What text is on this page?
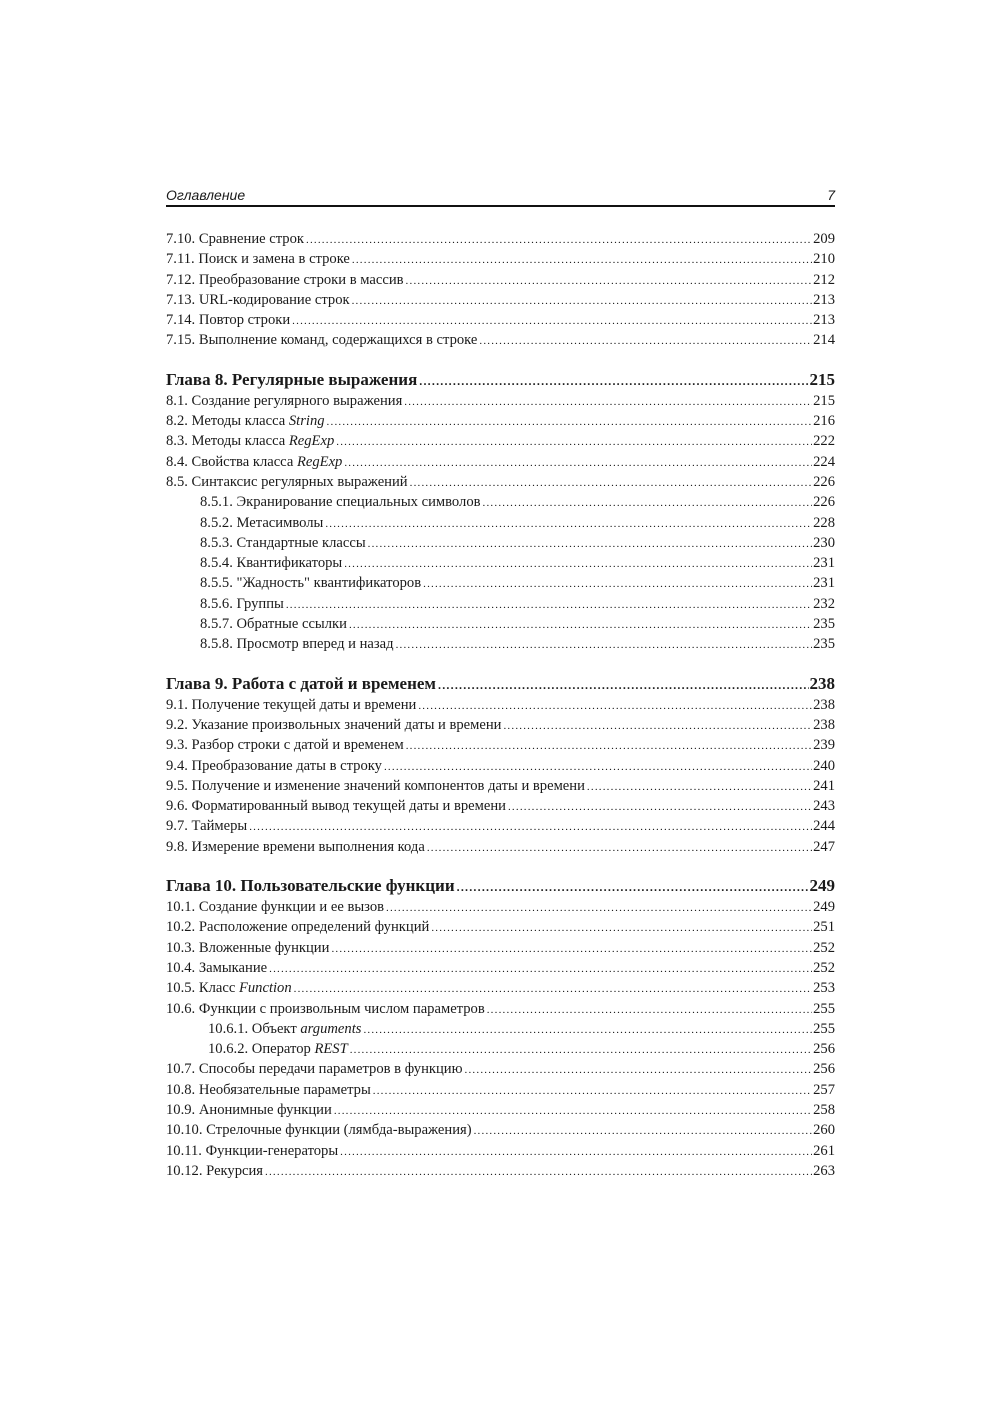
Оглавление	7
7.10. Сравнение строк .....	209
7.11. Поиск и замена в строке .....	210
7.12. Преобразование строки в массив .....	212
7.13. URL-кодирование строк .....	213
7.14. Повтор строки .....	213
7.15. Выполнение команд, содержащихся в строке .....	214
Глава 8. Регулярные выражения .....	215
8.1. Создание регулярного выражения .....	215
8.2. Методы класса String .....	216
8.3. Методы класса RegExp .....	222
8.4. Свойства класса RegExp .....	224
8.5. Синтаксис регулярных выражений .....	226
8.5.1. Экранирование специальных символов .....	226
8.5.2. Метасимволы .....	228
8.5.3. Стандартные классы .....	230
8.5.4. Квантификаторы .....	231
8.5.5. "Жадность" квантификаторов .....	231
8.5.6. Группы .....	232
8.5.7. Обратные ссылки .....	235
8.5.8. Просмотр вперед и назад .....	235
Глава 9. Работа с датой и временем .....	238
9.1. Получение текущей даты и времени .....	238
9.2. Указание произвольных значений даты и времени .....	238
9.3. Разбор строки с датой и временем .....	239
9.4. Преобразование даты в строку .....	240
9.5. Получение и изменение значений компонентов даты и времени .....	241
9.6. Форматированный вывод текущей даты и времени .....	243
9.7. Таймеры .....	244
9.8. Измерение времени выполнения кода .....	247
Глава 10. Пользовательские функции .....	249
10.1. Создание функции и ее вызов .....	249
10.2. Расположение определений функций .....	251
10.3. Вложенные функции .....	252
10.4. Замыкание .....	252
10.5. Класс Function .....	253
10.6. Функции с произвольным числом параметров .....	255
10.6.1. Объект arguments .....	255
10.6.2. Оператор REST .....	256
10.7. Способы передачи параметров в функцию .....	256
10.8. Необязательные параметры .....	257
10.9. Анонимные функции .....	258
10.10. Стрелочные функции (лямбда-выражения) .....	260
10.11. Функции-генераторы .....	261
10.12. Рекурсия .....	263
